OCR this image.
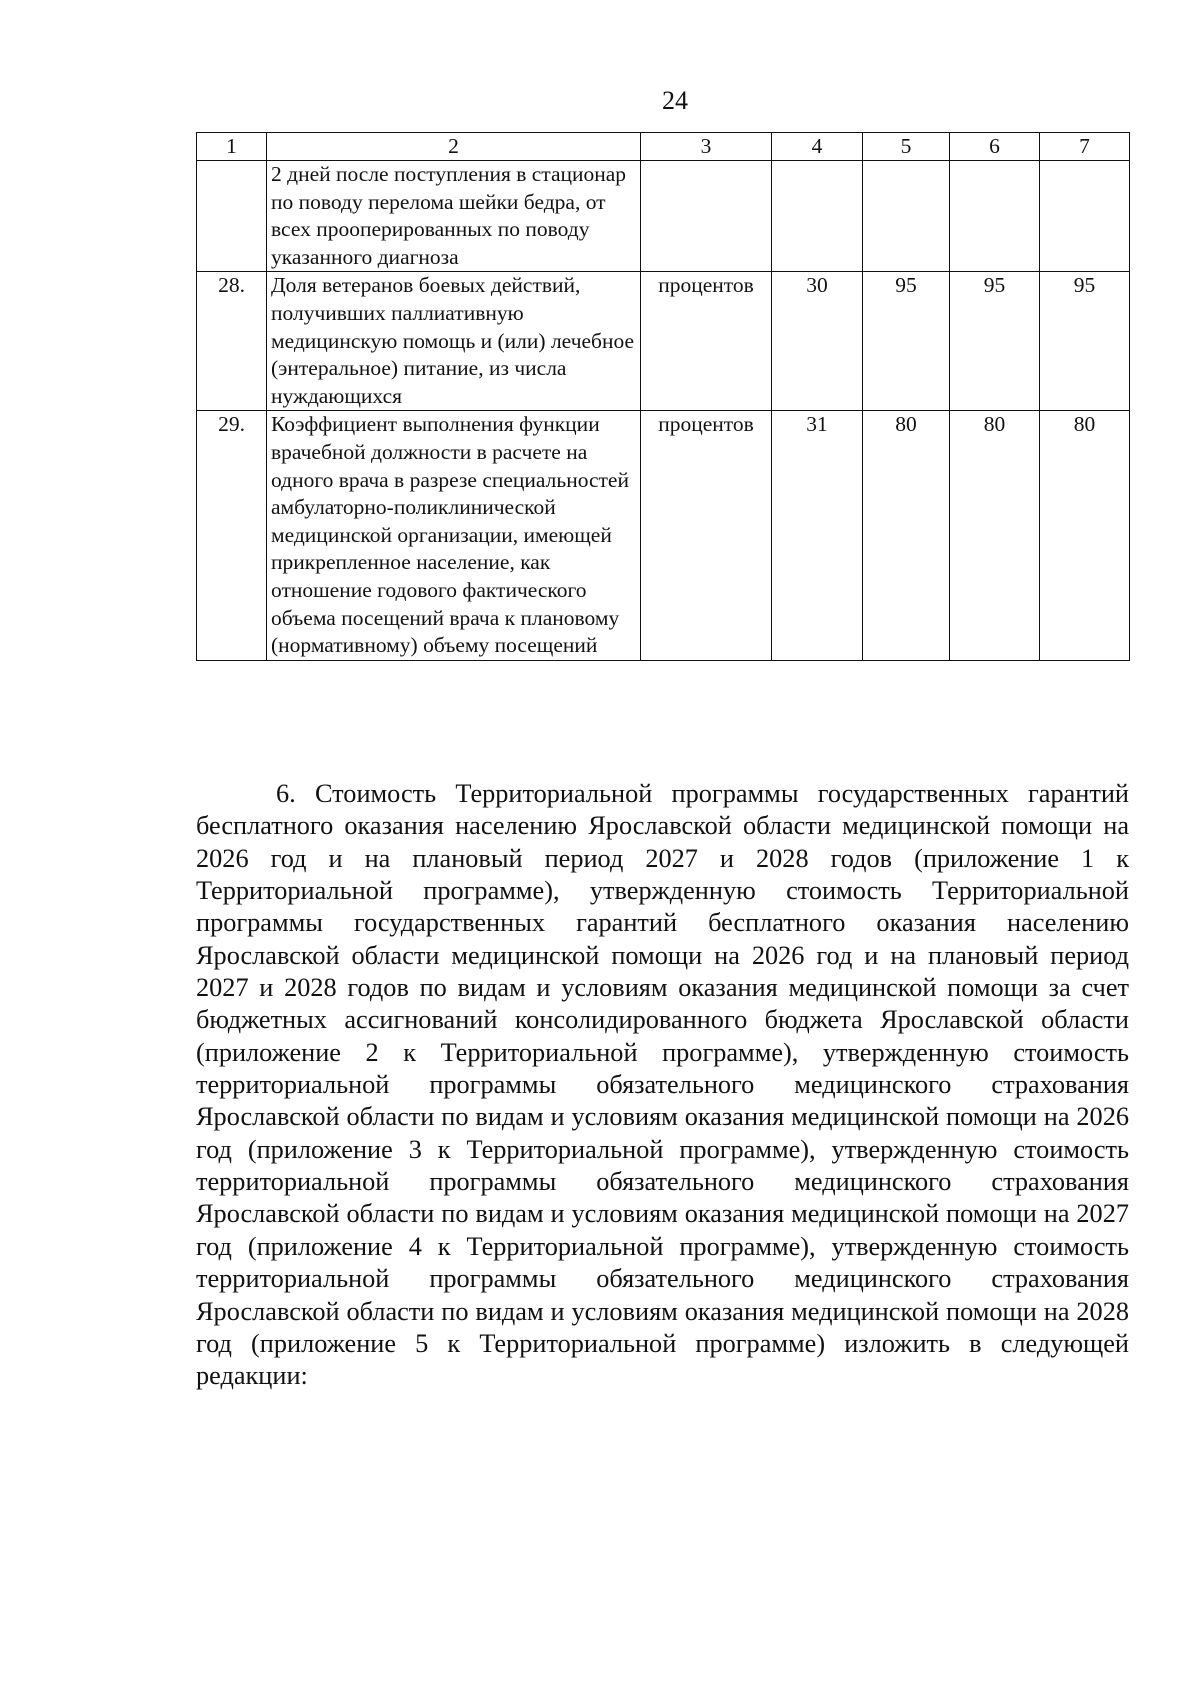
24
1	2	3	4	5	6	7
	2 дней после поступления в стационар по поводу перелома шейки бедра, от всех прооперированных по поводу указанного диагноза					
28.	Доля ветеранов боевых действий, получивших паллиативную медицинскую помощь и (или) лечебное (энтеральное) питание, из числа нуждающихся	процентов	30	95	95	95
29.	Коэффициент выполнения функции врачебной должности в расчете на одного врача в разрезе специальностей амбулаторно-поликлинической медицинской организации, имеющей прикрепленное население, как отношение годового фактического объема посещений врача к плановому (нормативному) объему посещений	процентов	31	80	80	80

6. Стоимость Территориальной программы государственных гарантий бесплатного оказания населению Ярославской области медицинской помощи на 2026 год и на плановый период 2027 и 2028 годов (приложение 1 к Территориальной программе), утвержденную стоимость Территориальной программы государственных гарантий бесплатного оказания населению Ярославской области медицинской помощи на 2026 год и на плановый период 2027 и 2028 годов по видам и условиям оказания медицинской помощи за счет бюджетных ассигнований консолидированного бюджета Ярославской области (приложение 2 к Территориальной программе), утвержденную стоимость территориальной программы обязательного медицинского страхования Ярославской области по видам и условиям оказания медицинской помощи на 2026 год (приложение 3 к Территориальной программе), утвержденную стоимость территориальной программы обязательного медицинского страхования Ярославской области по видам и условиям оказания медицинской помощи на 2027 год (приложение 4 к Территориальной программе), утвержденную стоимость территориальной программы обязательного медицинского страхования Ярославской области по видам и условиям оказания медицинской помощи на 2028 год (приложение 5 к Территориальной программе) изложить в следующей редакции:
